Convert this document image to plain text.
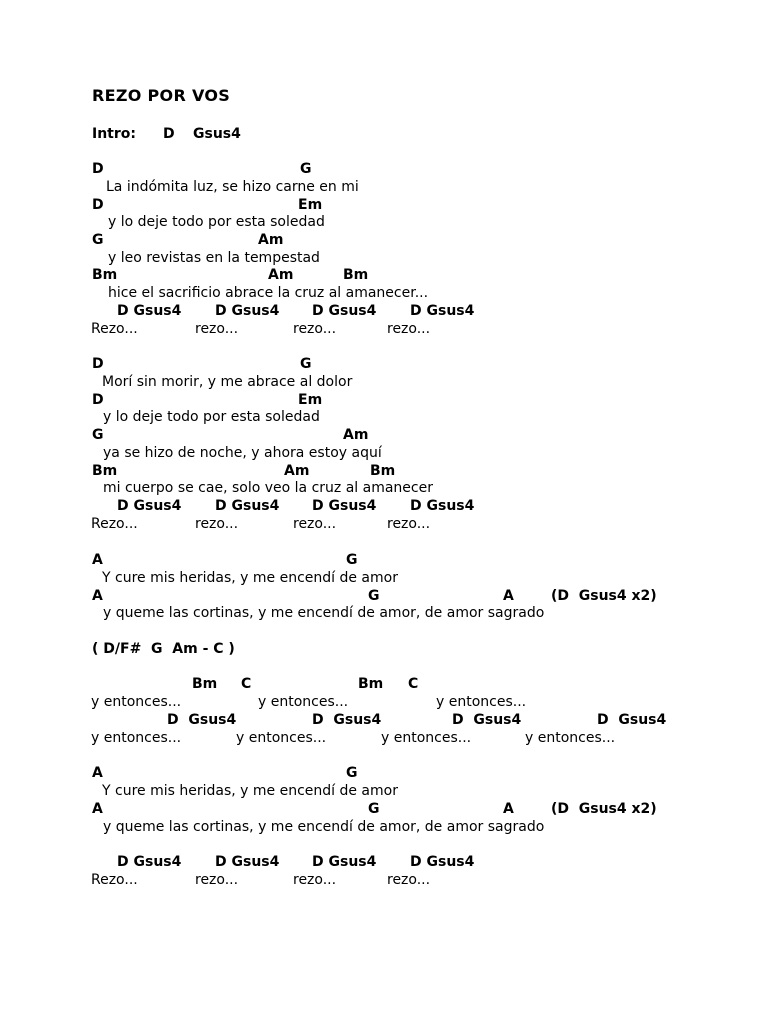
REZO POR VOS
Intro: D Gsus4
D	G
La indómita luz, se hizo carne en mi
D	Em
y lo deje todo por esta soledad
G	Am
y leo revistas en la tempestad
Bm	Am	Bm
hice el sacrificio abrace la cruz al amanecer...
D Gsus4 D Gsus4 D Gsus4 D Gsus4
Rezo...	rezo...	rezo...	rezo...
D	G
Morí sin morir, y me abrace al dolor
D	Em
y lo deje todo por esta soledad
G	Am
ya se hizo de noche, y ahora estoy aquí
Bm	Am	Bm
mi cuerpo se cae, solo veo la cruz al amanecer
D Gsus4 D Gsus4 D Gsus4 D Gsus4
Rezo...	rezo...	rezo...	rezo...
A	G
Y cure mis heridas, y me encendí de amor
A	G	A	(D  Gsus4 x2)
y queme las cortinas, y me encendí de amor, de amor sagrado
( D/F#  G  Am - C )
Bm C	Bm C
y entonces...	y entonces...	y entonces...
D  Gsus4	D  Gsus4	D  Gsus4	D  Gsus4
y entonces...	y entonces...	y entonces...	y entonces...
A	G
Y cure mis heridas, y me encendí de amor
A	G	A	(D  Gsus4 x2)
y queme las cortinas, y me encendí de amor, de amor sagrado
D Gsus4 D Gsus4 D Gsus4 D Gsus4
Rezo...	rezo...	rezo...	rezo...
